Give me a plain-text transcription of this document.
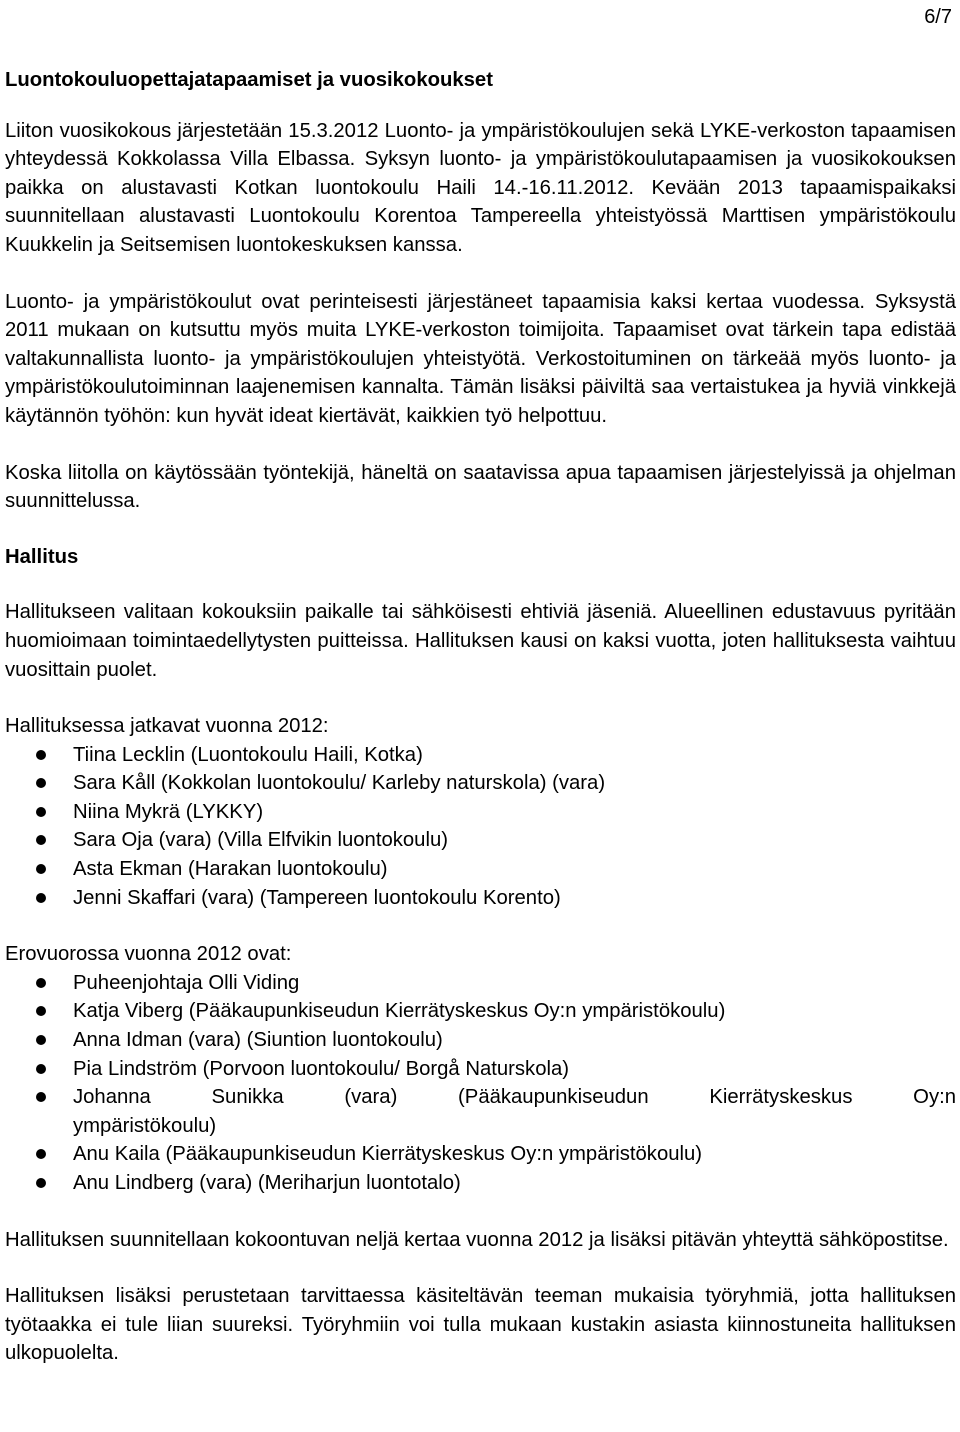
6/7
Luontokouluopettajatapaamiset ja vuosikokoukset

Liiton vuosikokous järjestetään 15.3.2012 Luonto- ja ympäristökoulujen sekä LYKE-verkoston tapaamisen yhteydessä Kokkolassa Villa Elbassa. Syksyn luonto- ja ympäristökoulutapaamisen ja vuosikokouksen paikka on alustavasti Kotkan luontokoulu Haili 14.-16.11.2012. Kevään 2013 tapaamispaikaksi suunnitellaan alustavasti Luontokoulu Korentoa Tampereella yhteistyössä Marttisen ympäristökoulu Kuukkelin ja Seitsemisen luontokeskuksen kanssa.

Luonto- ja ympäristökoulut ovat perinteisesti järjestäneet tapaamisia kaksi kertaa vuodessa. Syksystä 2011 mukaan on kutsuttu myös muita LYKE-verkoston toimijoita. Tapaamiset ovat tärkein tapa edistää valtakunnallista luonto- ja ympäristökoulujen yhteistyötä. Verkostoituminen on tärkeää myös luonto- ja ympäristökoulutoiminnan laajenemisen kannalta. Tämän lisäksi päiviltä saa vertaistukea ja hyviä vinkkejä käytännön työhön: kun hyvät ideat kiertävät, kaikkien työ helpottuu.

Koska liitolla on käytössään työntekijä, häneltä on saatavissa apua tapaamisen järjestelyissä ja ohjelman suunnittelussa.

Hallitus

Hallitukseen valitaan kokouksiin paikalle tai sähköisesti ehtiviä jäseniä. Alueellinen edustavuus pyritään huomioimaan toimintaedellytysten puitteissa. Hallituksen kausi on kaksi vuotta, joten hallituksesta vaihtuu vuosittain puolet.

Hallituksessa jatkavat vuonna 2012:

Tiina Lecklin (Luontokoulu Haili, Kotka)
Sara Kåll (Kokkolan luontokoulu/ Karleby naturskola) (vara)
Niina Mykrä (LYKKY)
Sara Oja (vara) (Villa Elfvikin luontokoulu)
Asta Ekman (Harakan luontokoulu)
Jenni Skaffari (vara) (Tampereen luontokoulu Korento)

Erovuorossa vuonna 2012 ovat:

Puheenjohtaja Olli Viding
Katja Viberg (Pääkaupunkiseudun Kierrätyskeskus Oy:n ympäristökoulu)
Anna Idman (vara) (Siuntion luontokoulu)
Pia Lindström (Porvoon luontokoulu/ Borgå Naturskola)
Johanna Sunikka (vara) (Pääkaupunkiseudun Kierrätyskeskus Oy:n
ympäristökoulu)
Anu Kaila (Pääkaupunkiseudun Kierrätyskeskus Oy:n ympäristökoulu)
Anu Lindberg (vara) (Meriharjun luontotalo)

Hallituksen suunnitellaan kokoontuvan neljä kertaa vuonna 2012 ja lisäksi pitävän yhteyttä sähköpostitse.

Hallituksen lisäksi perustetaan tarvittaessa käsiteltävän teeman mukaisia työryhmiä, jotta hallituksen työtaakka ei tule liian suureksi. Työryhmiin voi tulla mukaan kustakin asiasta kiinnostuneita hallituksen ulkopuolelta.
